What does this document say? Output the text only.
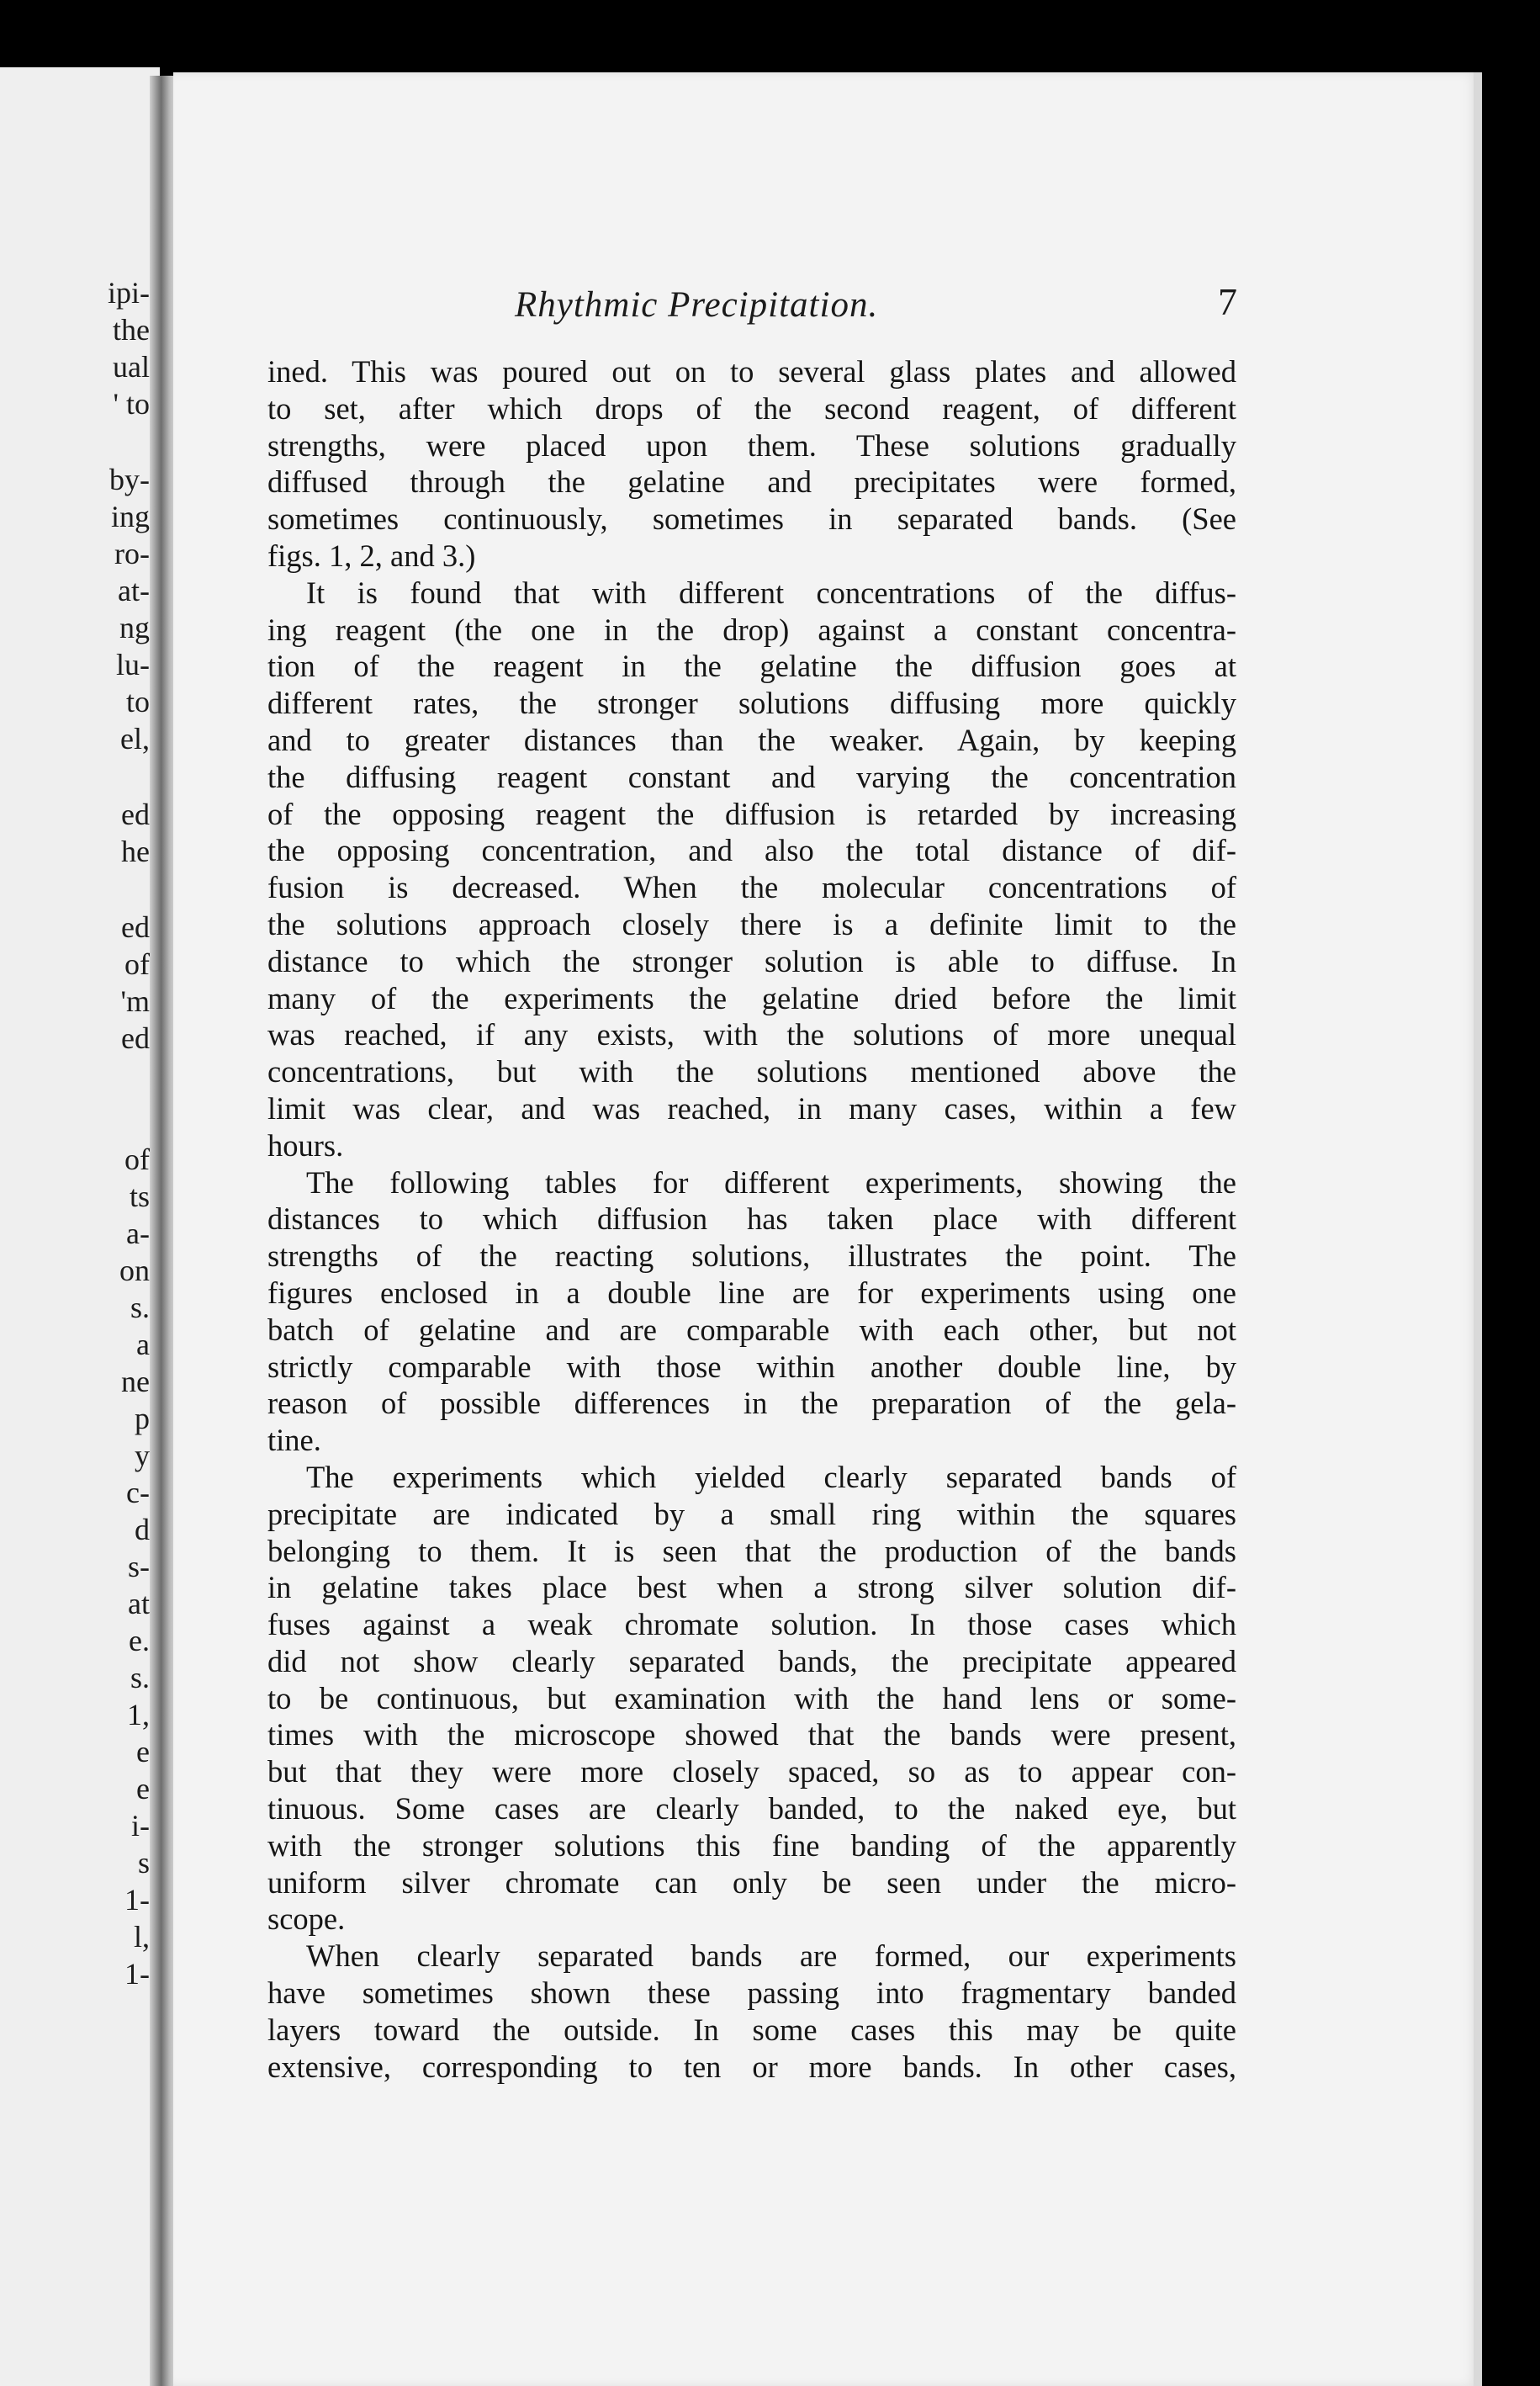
ipi-
the
ual
' to
by-
ing
ro-
at-
ng
lu-
to
el,
ed
he
ed
of
'm
ed
of
ts
a-
on
s.
a
ne
p
y
c-
d
s-
at
e.
s.
1,
e
e
i-
s
1-
l,
1-
Rhythmic Precipitation.	7
ined. This was poured out on to several glass plates and allowed
to set, after which drops of the second reagent, of different
strengths, were placed upon them. These solutions gradually
diffused through the gelatine and precipitates were formed,
sometimes continuously, sometimes in separated bands. (See
figs. 1, 2, and 3.)
It is found that with different concentrations of the diffus-
ing reagent (the one in the drop) against a constant concentra-
tion of the reagent in the gelatine the diffusion goes at
different rates, the stronger solutions diffusing more quickly
and to greater distances than the weaker. Again, by keeping
the diffusing reagent constant and varying the concentration
of the opposing reagent the diffusion is retarded by increasing
the opposing concentration, and also the total distance of dif-
fusion is decreased. When the molecular concentrations of
the solutions approach closely there is a definite limit to the
distance to which the stronger solution is able to diffuse. In
many of the experiments the gelatine dried before the limit
was reached, if any exists, with the solutions of more unequal
concentrations, but with the solutions mentioned above the
limit was clear, and was reached, in many cases, within a few
hours.
The following tables for different experiments, showing the
distances to which diffusion has taken place with different
strengths of the reacting solutions, illustrates the point. The
figures enclosed in a double line are for experiments using one
batch of gelatine and are comparable with each other, but not
strictly comparable with those within another double line, by
reason of possible differences in the preparation of the gela-
tine.
The experiments which yielded clearly separated bands of
precipitate are indicated by a small ring within the squares
belonging to them. It is seen that the production of the bands
in gelatine takes place best when a strong silver solution dif-
fuses against a weak chromate solution. In those cases which
did not show clearly separated bands, the precipitate appeared
to be continuous, but examination with the hand lens or some-
times with the microscope showed that the bands were present,
but that they were more closely spaced, so as to appear con-
tinuous. Some cases are clearly banded, to the naked eye, but
with the stronger solutions this fine banding of the apparently
uniform silver chromate can only be seen under the micro-
scope.
When clearly separated bands are formed, our experiments
have sometimes shown these passing into fragmentary banded
layers toward the outside. In some cases this may be quite
extensive, corresponding to ten or more bands. In other cases,
